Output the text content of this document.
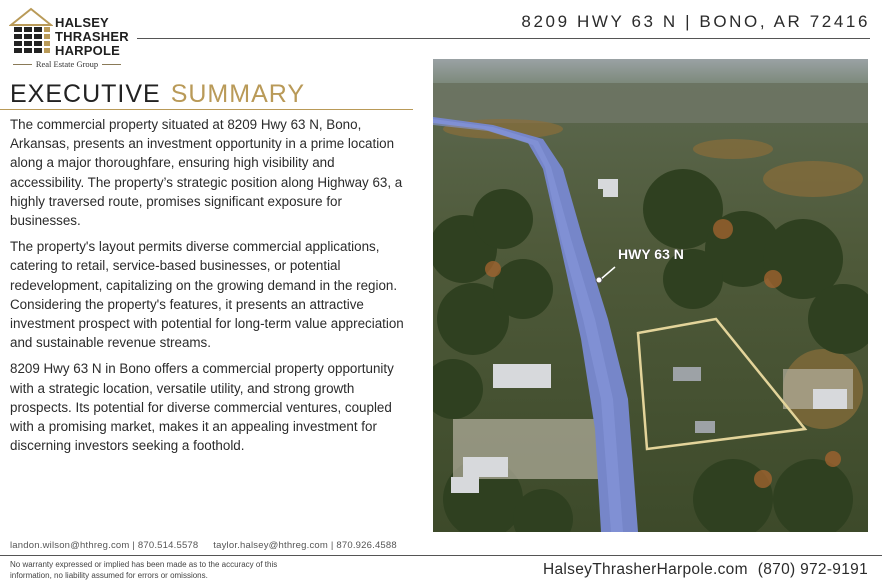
HALSEY
THRASHER
HARPOLE
Real Estate Group
8209 HWY 63 N | BONO, AR 72416
EXECUTIVE SUMMARY

The commercial property situated at 8209 Hwy 63 N, Bono, Arkansas, presents an investment opportunity in a prime location along a major thoroughfare, ensuring high visibility and accessibility. The property’s strategic position along Highway 63, a highly traversed route, promises significant exposure for businesses.

The property's layout permits diverse commercial applications, catering to retail, service-based businesses, or potential redevelopment, capitalizing on the growing demand in the region. Considering the property's features, it presents an attractive investment prospect with potential for long-term value appreciation and sustainable revenue streams.

8209 Hwy 63 N in Bono offers a commercial property opportunity with a strategic location, versatile utility, and strong growth prospects. Its potential for diverse commercial ventures, coupled with a promising market, makes it an appealing investment for discerning investors seeking a foothold.

HWY 63 N
landon.wilson@hthreg.com | 870.514.5578 taylor.halsey@hthreg.com | 870.926.4588
No warranty expressed or implied has been made as to the accuracy of this information, no liability assumed for errors or omissions.	HalseyThrasherHarpole.com (870) 972-9191
